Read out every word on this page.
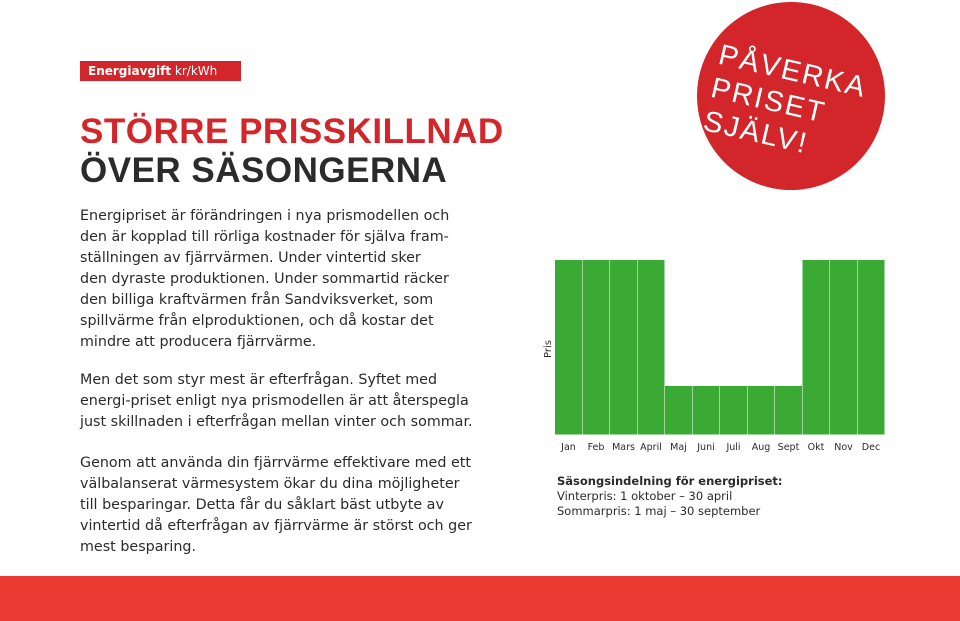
Energiavgift kr/kWh
STÖRRE PRISSKILLNAD
ÖVER SÄSONGERNA

Energipriset är förändringen i nya prismodellen och den är kopplad till rörliga kostnader för själva fram-ställningen av fjärrvärmen. Under vintertid sker den dyraste produktionen. Under sommartid räcker den billiga kraftvärmen från Sandviksverket, som spillvärme från elproduktionen, och då kostar det mindre att producera fjärrvärme.

Men det som styr mest är efterfrågan. Syftet med energi-priset enligt nya prismodellen är att återspegla just skillnaden i efterfrågan mellan vinter och sommar.

Genom att använda din fjärrvärme effektivare med ett välbalanserat värmesystem ökar du dina möjligheter till besparingar. Detta får du såklart bäst utbyte av vintertid då efterfrågan av fjärrvärme är störst och ger mest besparing.

PÅVERKA
PRISET
SJÄLV!

Pris
Jan Feb Mars April Maj Juni Juli Aug Sept Okt Nov Dec
Säsongsindelning för energipriset:
Vinterpris: 1 oktober – 30 april
Sommarpris: 1 maj – 30 september
